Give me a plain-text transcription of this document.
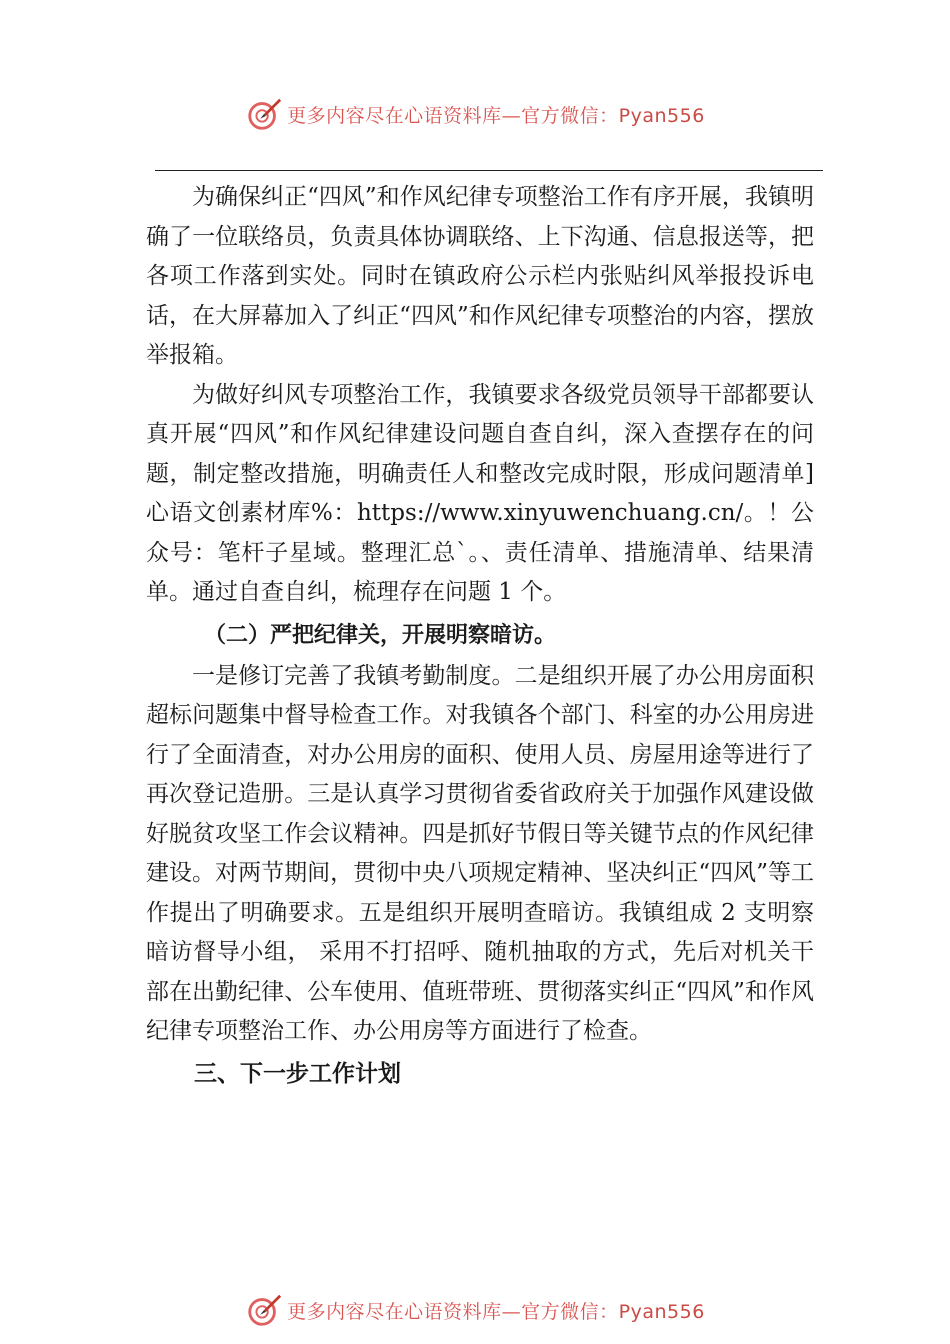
更多内容尽在心语资料库—官方微信：Pyan556

为确保纠正“四风”和作风纪律专项整治工作有序开展，我镇明确了一位联络员，负责具体协调联络、上下沟通、信息报送等，把各项工作落到实处。同时在镇政府公示栏内张贴纠风举报投诉电话，在大屏幕加入了纠正“四风”和作风纪律专项整治的内容，摆放举报箱。

为做好纠风专项整治工作，我镇要求各级党员领导干部都要认真开展“四风”和作风纪律建设问题自查自纠，深入查摆存在的问题，制定整改措施，明确责任人和整改完成时限，形成问题清单]心语文创素材库%：https://www.xinyuwenchuang.cn/。！公众号：笔杆子星域。整理汇总`。、责任清单、措施清单、结果清单。通过自查自纠，梳理存在问题 1 个。

（二）严把纪律关，开展明察暗访。

一是修订完善了我镇考勤制度。二是组织开展了办公用房面积超标问题集中督导检查工作。对我镇各个部门、科室的办公用房进行了全面清查，对办公用房的面积、使用人员、房屋用途等进行了再次登记造册。三是认真学习贯彻省委省政府关于加强作风建设做好脱贫攻坚工作会议精神。四是抓好节假日等关键节点的作风纪律建设。对两节期间，贯彻中央八项规定精神、坚决纠正“四风”等工作提出了明确要求。五是组织开展明查暗访。我镇组成 2 支明察暗访督导小组， 采用不打招呼、随机抽取的方式，先后对机关干部在出勤纪律、公车使用、值班带班、贯彻落实纠正“四风”和作风纪律专项整治工作、办公用房等方面进行了检查。

三、下一步工作计划

更多内容尽在心语资料库—官方微信：Pyan556
